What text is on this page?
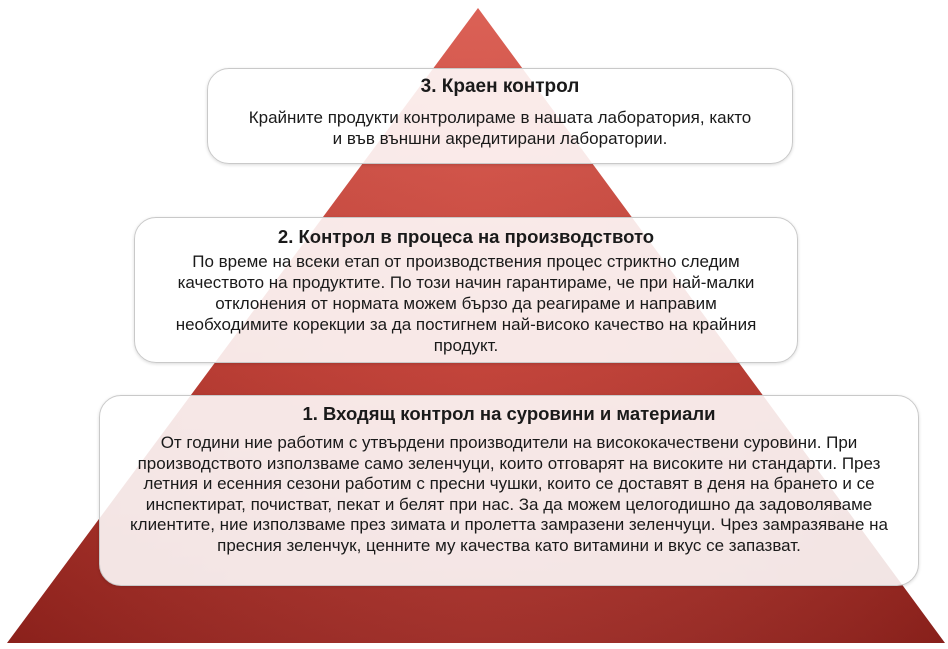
3. Краен контрол
Крайните продукти контролираме в нашата лаборатория, както и във външни акредитирани лаборатории.
2. Контрол в процеса на производството
По време на всеки етап от производствения процес стриктно следим качеството на продуктите. По този начин гарантираме, че при най-малки отклонения от нормата можем бързо да реагираме и направим необходимите корекции за да постигнем най-високо качество на крайния продукт.
1. Входящ контрол на суровини и материали
От години ние работим с утвърдени производители на висококачествени суровини. При производството използваме само зеленчуци, които отговарят на високите ни стандарти. През летния и есенния сезони работим с пресни чушки, които се доставят в деня на брането и се инспектират, почистват, пекат и белят при нас. За да можем целогодишно да задоволяваме клиентите, ние използваме през зимата и пролетта замразени зеленчуци. Чрез замразяване на пресния зеленчук, ценните му качества като витамини и вкус се запазват.
